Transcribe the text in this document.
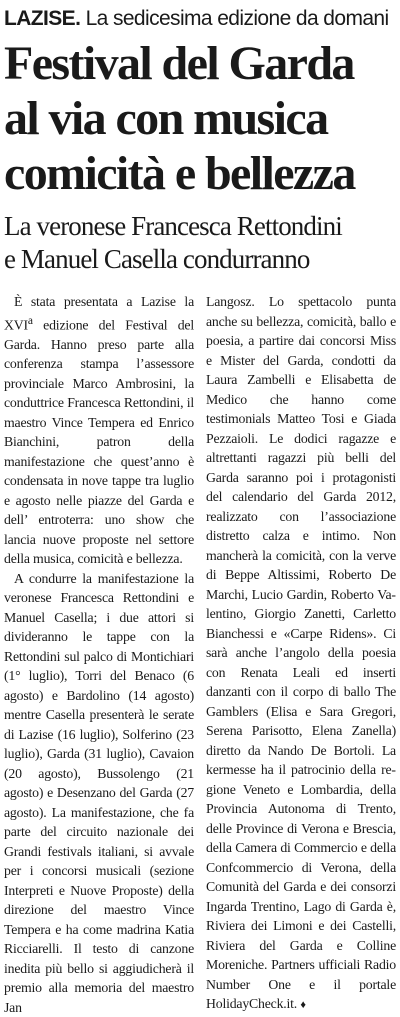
LAZISE. La sedicesima edizione da domani
Festival del Garda
al via con musica
comicità e bellezza
La veronese Francesca Rettondini
e Manuel Casella condurranno

È stata presentata a Lazise la XVI$^a$ edizione del Festival del Garda. Hanno preso parte alla conferenza stampa l’assessore provinciale Marco Ambrosini, la conduttrice Francesca Rettondini, il maestro Vince Tempera ed Enrico Bianchini, patron della manifestazione che quest’anno è condensata in nove tappe tra luglio e agosto nelle piazze del Garda e dell’ entroterra: uno show che lancia nuove proposte nel settore della musica, comicità e bellezza.

A condurre la manifestazione la veronese Francesca Rettondini e Manuel Casella; i due attori si divideranno le tappe con la Rettondini sul palco di Montichiari (1° luglio), Torri del Benaco (6 agosto) e Bardolino (14 agosto) mentre Casella presenterà le serate di Lazise (16 luglio), Solferino (23 luglio), Garda (31 luglio), Cavaion (20 agosto), Bussolengo (21 agosto) e Desenzano del Garda (27 agosto). La manifestazione, che fa parte del circuito nazionale dei Grandi festivals italiani, si avvale per i concorsi musicali (sezione Interpreti e Nuove Proposte) della direzione del maestro Vince Tempera e ha come madrina Katia Ricciarelli. Il testo di canzone inedita più bello si aggiudicherà il premio alla memoria del maestro Jan

Langosz. Lo spettacolo punta anche su bellezza, comicità, ballo e poesia, a partire dai concorsi Miss e Mister del Garda, condotti da Laura Zambelli e Elisabetta de Medico che hanno come testimonials Matteo Tosi e Giada Pezzaioli. Le dodici ragazze e altrettanti ragazzi più belli del Garda saranno poi i protagonisti del calendario del Garda 2012, realizzato con l’associazione distretto calza e intimo. Non mancherà la comicità, con la verve di Beppe Altissimi, Roberto De Marchi, Lucio Gardin, Roberto Valentino, Giorgio Zanetti, Carletto Bianchessi e «Carpe Ridens». Ci sarà anche l’angolo della poesia con Renata Leali ed inserti danzanti con il corpo di ballo The Gamblers (Elisa e Sara Gregori, Serena Parisotto, Elena Zanella) diretto da Nando De Bortoli. La kermesse ha il patrocinio della regione Veneto e Lombardia, della Provincia Autonoma di Trento, delle Province di Verona e Brescia, della Camera di Commercio e della Confcommercio di Verona, della Comunità del Garda e dei consorzi Ingarda Trentino, Lago di Garda è, Riviera dei Limoni e dei Castelli, Riviera del Garda e Colline Moreniche. Partners ufficiali Radio Number One e il portale HolidayCheck.it. ♦
